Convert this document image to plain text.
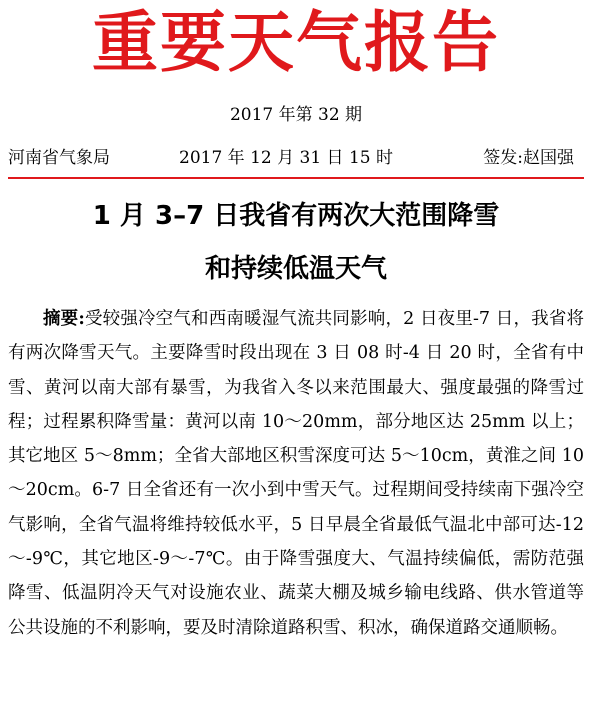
重要天气报告
2017 年第 32 期
河南省气象局	2017 年 12 月 31 日 15 时	签发:赵国强
1 月 3–7 日我省有两次大范围降雪
和持续低温天气

摘要:受较强冷空气和西南暖湿气流共同影响，2 日夜里-7 日，我省将有两次降雪天气。主要降雪时段出现在 3 日 08 时-4 日 20 时，全省有中雪、黄河以南大部有暴雪，为我省入冬以来范围最大、强度最强的降雪过程；过程累积降雪量：黄河以南 10～20mm，部分地区达 25mm 以上；其它地区 5～8mm；全省大部地区积雪深度可达 5～10cm，黄淮之间 10～20cm。6-7 日全省还有一次小到中雪天气。过程期间受持续南下强冷空气影响，全省气温将维持较低水平，5 日早晨全省最低气温北中部可达-12～-9℃，其它地区-9～-7℃。由于降雪强度大、气温持续偏低，需防范强降雪、低温阴冷天气对设施农业、蔬菜大棚及城乡输电线路、供水管道等公共设施的不利影响，要及时清除道路积雪、积冰，确保道路交通顺畅。
